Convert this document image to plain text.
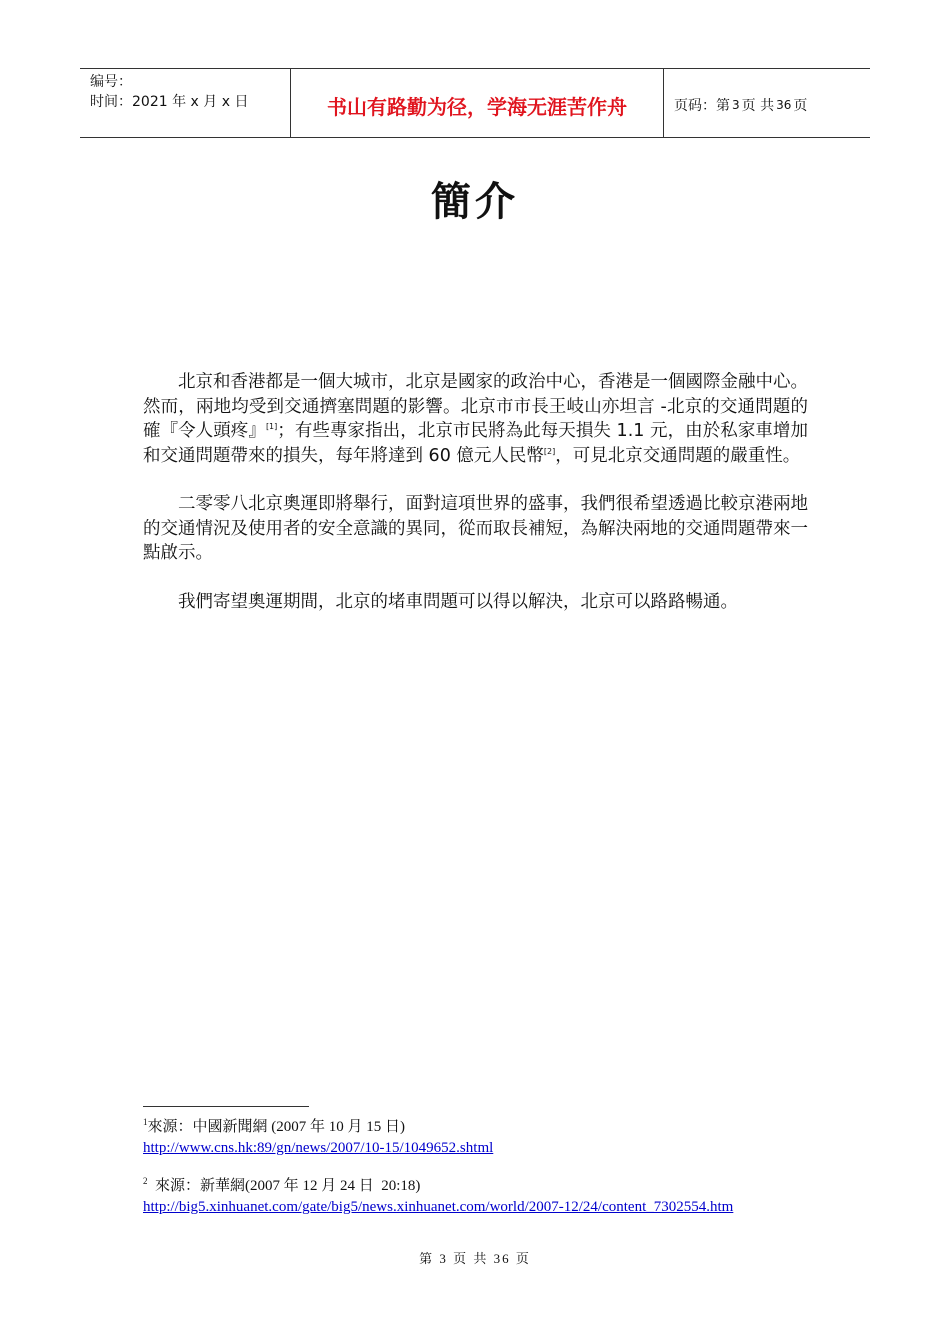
编号：
时间：2021 年 x 月 x 日	书山有路勤为径，学海无涯苦作舟	页码：第 3 页 共 36 页
簡介

北京和香港都是一個大城市，北京是國家的政治中心，香港是一個國際金融中心。然而，兩地均受到交通擠塞問題的影響。北京市市長王岐山亦坦言 -北京的交通問題的確『令人頭疼』[1]；有些專家指出，北京市民將為此每天損失 1.1 元，由於私家車增加和交通問題帶來的損失，每年將達到 60 億元人民幣[2]，可見北京交通問題的嚴重性。

二零零八北京奧運即將舉行，面對這項世界的盛事，我們很希望透過比較京港兩地的交通情況及使用者的安全意識的異同，從而取長補短，為解決兩地的交通問題帶來一點啟示。

我們寄望奧運期間，北京的堵車問題可以得以解決，北京可以路路暢通。

$^1$來源：中國新聞網 (2007 年 10 月 15 日)
http://www.cns.hk:89/gn/news/2007/10-15/1049652.shtml
$^2$  來源：新華網(2007 年 12 月 24 日  20:18)
http://big5.xinhuanet.com/gate/big5/news.xinhuanet.com/world/2007-12/24/content_7302554.htm
第 3 页 共 36 页
